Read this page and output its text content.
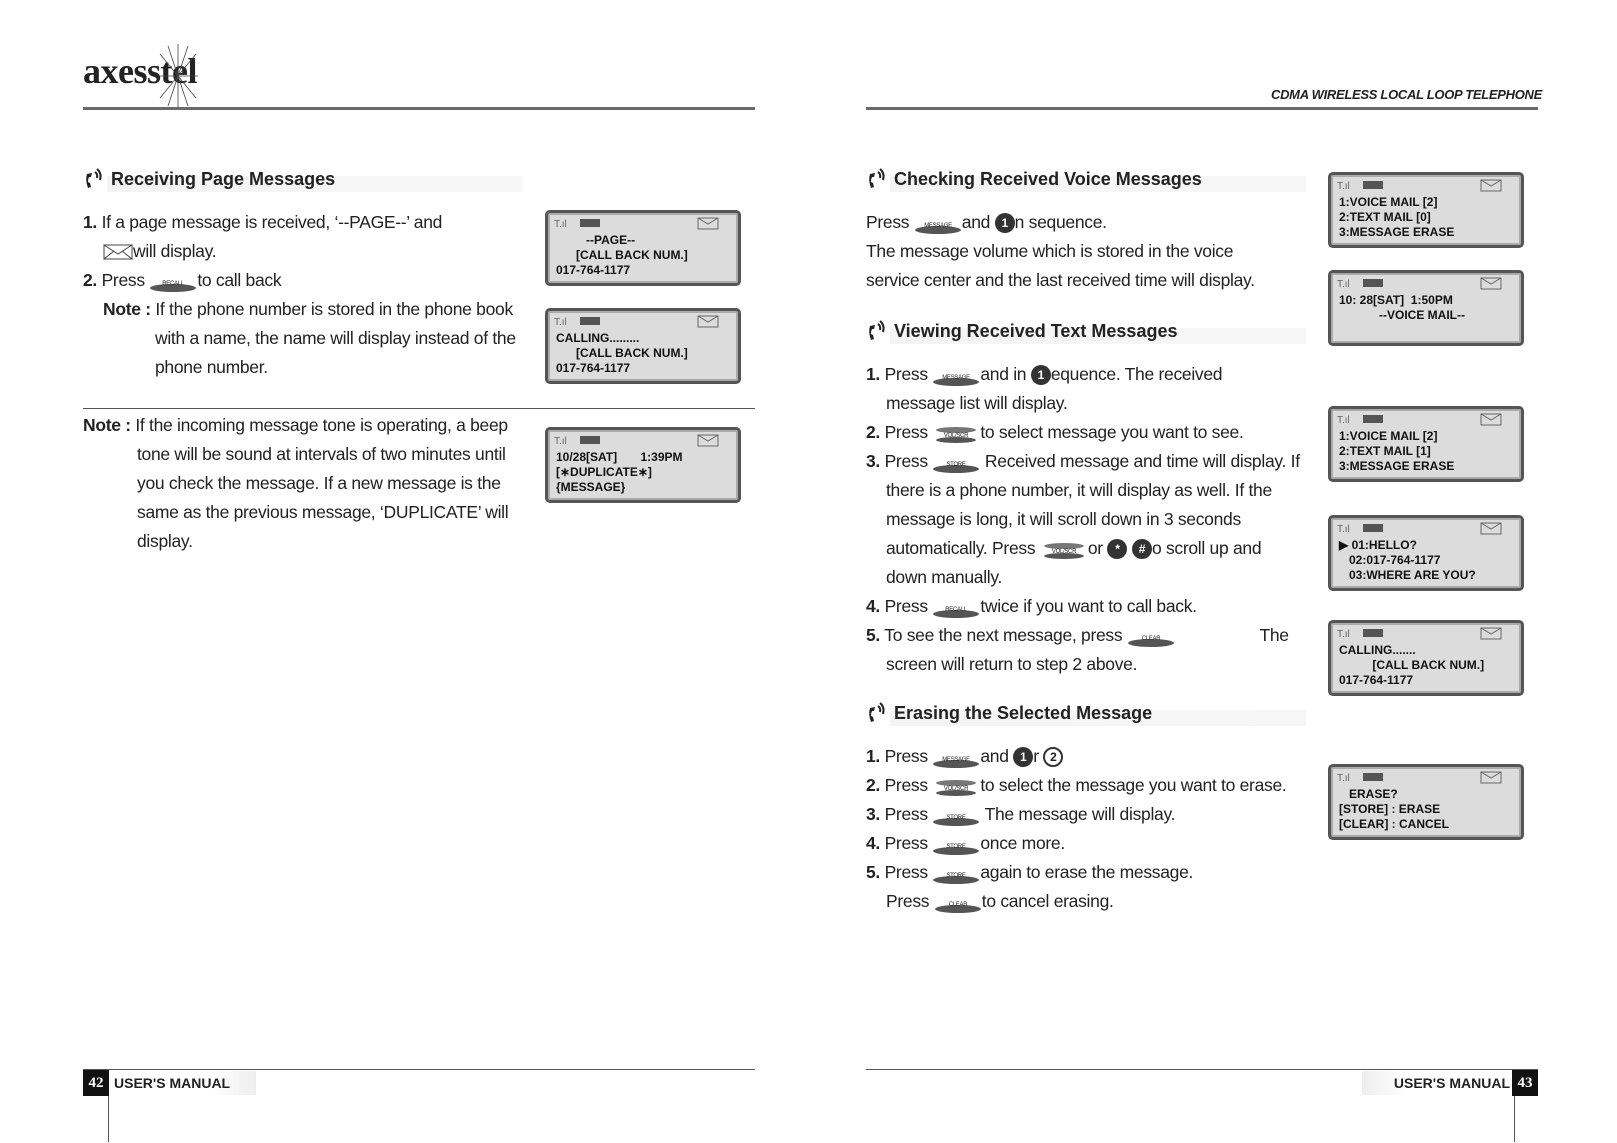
axesstel
Receiving Page Messages

1. If a page message is received, ‘--PAGE--’ and

will display.

2. Press	RECALL to call back

Note : If the phone number is stored in the phone book

with a name, the name will display instead of the

phone number.

T.ıl
--PAGE--
[CALL BACK NUM.]
017-764-1177
T.ıl
CALLING.........
[CALL BACK NUM.]
017-764-1177

Note : If the incoming message tone is operating, a beep

tone will be sound at intervals of two minutes until

you check the message. If a new message is the

same as the previous message, ‘DUPLICATE’ will

display.

T.ıl
10/28[SAT]       1:39PM
[∗DUPLICATE∗]
{MESSAGE}
42 USER'S MANUAL
CDMA WIRELESS LOCAL LOOP TELEPHONE
Checking Received Voice Messages

Press MESSAGE and 1 n sequence.

The message volume which is stored in the voice

service center and the last received time will display.

Viewing Received Text Messages

1. Press MESSAGE and in 1 equence. The received

message list will display.

2. Press	VOL/SCR to select message you want to see.

3. Press	STORE Received message and time will display. If

there is a phone number, it will display as well. If the

message is long, it will scroll down in 3 seconds

automatically. Press	VOL/SCR or * # o scroll up and

down manually.

4. Press	RECALL twice if you want to call back.

5. To see the next message, press	CLEAR	The

screen will return to step 2 above.

Erasing the Selected Message

1. Press MESSAGE and 1 r 2

2. Press	VOL/SCR to select the message you want to erase.

3. Press	STORE The message will display.

4. Press	STORE once more.

5. Press	STORE again to erase the message.

Press	CLEAR to cancel erasing.

T.ıl
1:VOICE MAIL [2]
2:TEXT MAIL [0]
3:MESSAGE ERASE
T.ıl
10: 28[SAT]  1:50PM
--VOICE MAIL--
T.ıl
1:VOICE MAIL [2]
2:TEXT MAIL [1]
3:MESSAGE ERASE
T.ıl
▶ 01:HELLO?
02:017-764-1177
03:WHERE ARE YOU?
T.ıl
CALLING.......
[CALL BACK NUM.]
017-764-1177
T.ıl
ERASE?
[STORE] : ERASE
[CLEAR] : CANCEL
USER'S MANUAL 43
